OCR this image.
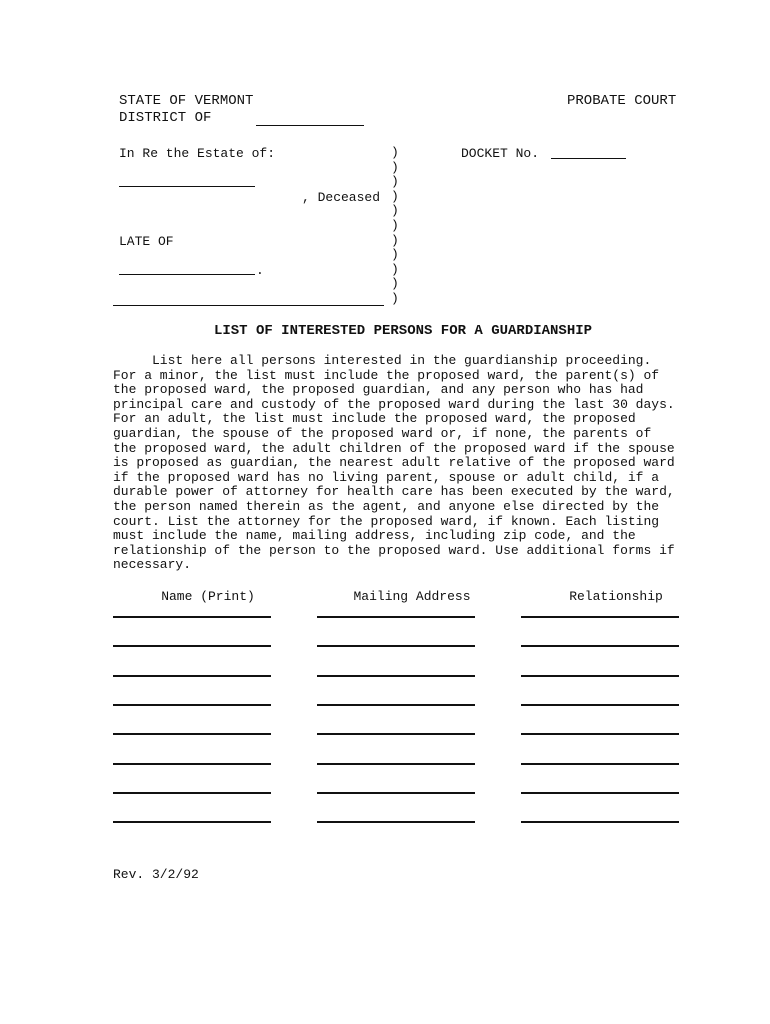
STATE OF VERMONT	PROBATE COURT
DISTRICT OF
In Re the Estate of:
, Deceased
LATE OF
.
)
)
)
)
)
)
)
)
)
)
)
DOCKET No.
LIST OF INTERESTED PERSONS FOR A GUARDIANSHIP
List here all persons interested in the guardianship proceeding.
For a minor, the list must include the proposed ward, the parent(s) of
the proposed ward, the proposed guardian, and any person who has had
principal care and custody of the proposed ward during the last 30 days.
For an adult, the list must include the proposed ward, the proposed
guardian, the spouse of the proposed ward or, if none, the parents of
the proposed ward, the adult children of the proposed ward if the spouse
is proposed as guardian, the nearest adult relative of the proposed ward
if the proposed ward has no living parent, spouse or adult child, if a
durable power of attorney for health care has been executed by the ward,
the person named therein as the agent, and anyone else directed by the
court. List the attorney for the proposed ward, if known. Each listing
must include the name, mailing address, including zip code, and the
relationship of the person to the proposed ward. Use additional forms if
necessary.
Name (Print)	Mailing Address	Relationship
Rev. 3/2/92
